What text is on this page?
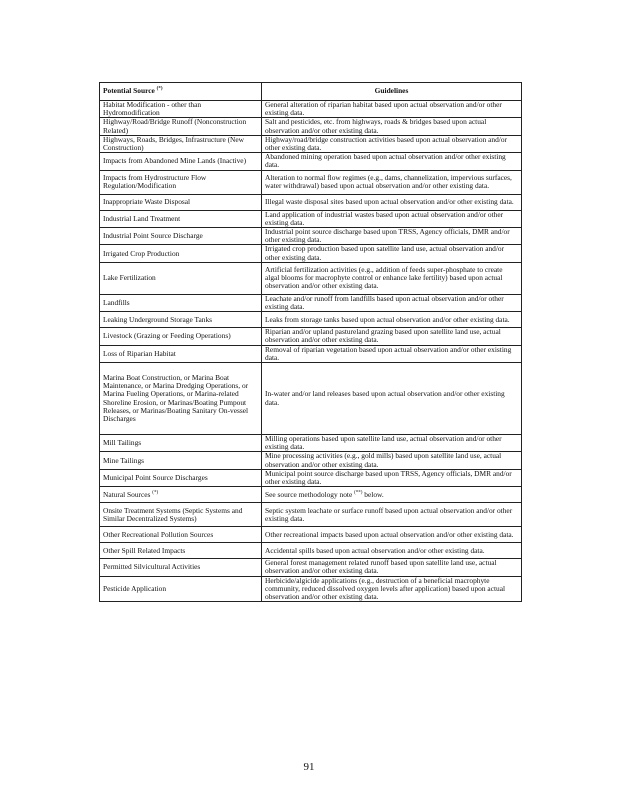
Potential Source (*)	Guidelines
Habitat Modification - other than Hydromodification	General alteration of riparian habitat based upon actual observation and/or other existing data.
Highway/Road/Bridge Runoff (Nonconstruction Related)	Salt and pesticides, etc. from highways, roads & bridges based upon actual observation and/or other existing data.
Highways, Roads, Bridges, Infrastructure (New Construction)	Highway/road/bridge construction activities based upon actual observation and/or other existing data.
Impacts from Abandoned Mine Lands (Inactive)	Abandoned mining operation based upon actual observation and/or other existing data.
Impacts from Hydrostructure Flow Regulation/Modification	Alteration to normal flow regimes (e.g., dams, channelization, impervious surfaces, water withdrawal) based upon actual observation and/or other existing data.
Inappropriate Waste Disposal	Illegal waste disposal sites based upon actual observation and/or other existing data.
Industrial Land Treatment	Land application of industrial wastes based upon actual observation and/or other existing data.
Industrial Point Source Discharge	Industrial point source discharge based upon TRSS, Agency officials, DMR and/or other existing data.
Irrigated Crop Production	Irrigated crop production based upon satellite land use, actual observation and/or other existing data.
Lake Fertilization	Artificial fertilization activities (e.g., addition of feeds super-phosphate to create algal blooms for macrophyte control or enhance lake fertility) based upon actual observation and/or other existing data.
Landfills	Leachate and/or runoff from landfills based upon actual observation and/or other existing data.
Leaking Underground Storage Tanks	Leaks from storage tanks based upon actual observation and/or other existing data.
Livestock (Grazing or Feeding Operations)	Riparian and/or upland pastureland grazing based upon satellite land use, actual observation and/or other existing data.
Loss of Riparian Habitat	Removal of riparian vegetation based upon actual observation and/or other existing data.
Marina Boat Construction, or Marina Boat Maintenance, or Marina Dredging Operations, or Marina Fueling Operations, or Marina-related Shoreline Erosion, or Marinas/Boating Pumpout Releases, or Marinas/Boating Sanitary On-vessel Discharges	In-water and/or land releases based upon actual observation and/or other existing data.
Mill Tailings	Milling operations based upon satellite land use, actual observation and/or other existing data.
Mine Tailings	Mine processing activities (e.g., gold mills) based upon satellite land use, actual observation and/or other existing data.
Municipal Point Source Discharges	Municipal point source discharge based upon TRSS, Agency officials, DMR and/or other existing data.
Natural Sources (*)	See source methodology note (**) below.
Onsite Treatment Systems (Septic Systems and Similar Decentralized Systems)	Septic system leachate or surface runoff based upon actual observation and/or other existing data.
Other Recreational Pollution Sources	Other recreational impacts based upon actual observation and/or other existing data.
Other Spill Related Impacts	Accidental spills based upon actual observation and/or other existing data.
Permitted Silvicultural Activities	General forest management related runoff based upon satellite land use, actual observation and/or other existing data.
Pesticide Application	Herbicide/algicide applications (e.g., destruction of a beneficial macrophyte community, reduced dissolved oxygen levels after application) based upon actual observation and/or other existing data.
91
